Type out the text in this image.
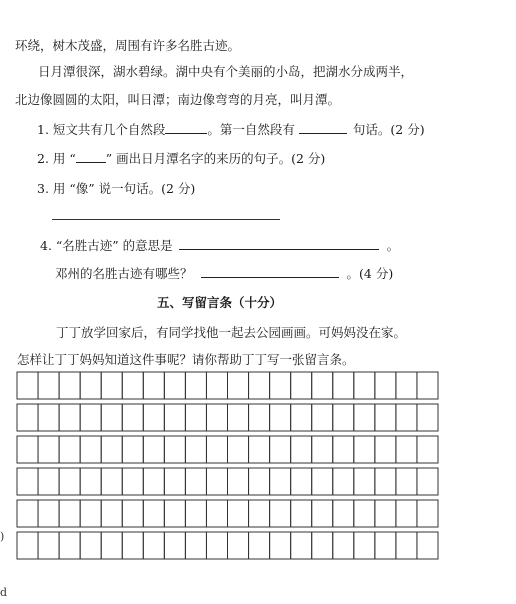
环绕，树木茂盛，周围有许多名胜古迹。
日月潭很深，湖水碧绿。湖中央有个美丽的小岛，把湖水分成两半，
北边像圆圆的太阳，叫日潭；南边像弯弯的月亮，叫月潭。
1. 短文共有几个自然段	。第一自然段有	句话。(2 分)
2. 用 “ ” 画出日月潭名字的来历的句子。(2 分)
3. 用 “像” 说一句话。(2 分)
4. “名胜古迹” 的意思是	。
邓州的名胜古迹有哪些？	。(4 分)
五、写留言条（十分）
丁丁放学回家后，有同学找他一起去公园画画。可妈妈没在家。
怎样让丁丁妈妈知道这件事呢？请你帮助丁丁写一张留言条。
)
d
